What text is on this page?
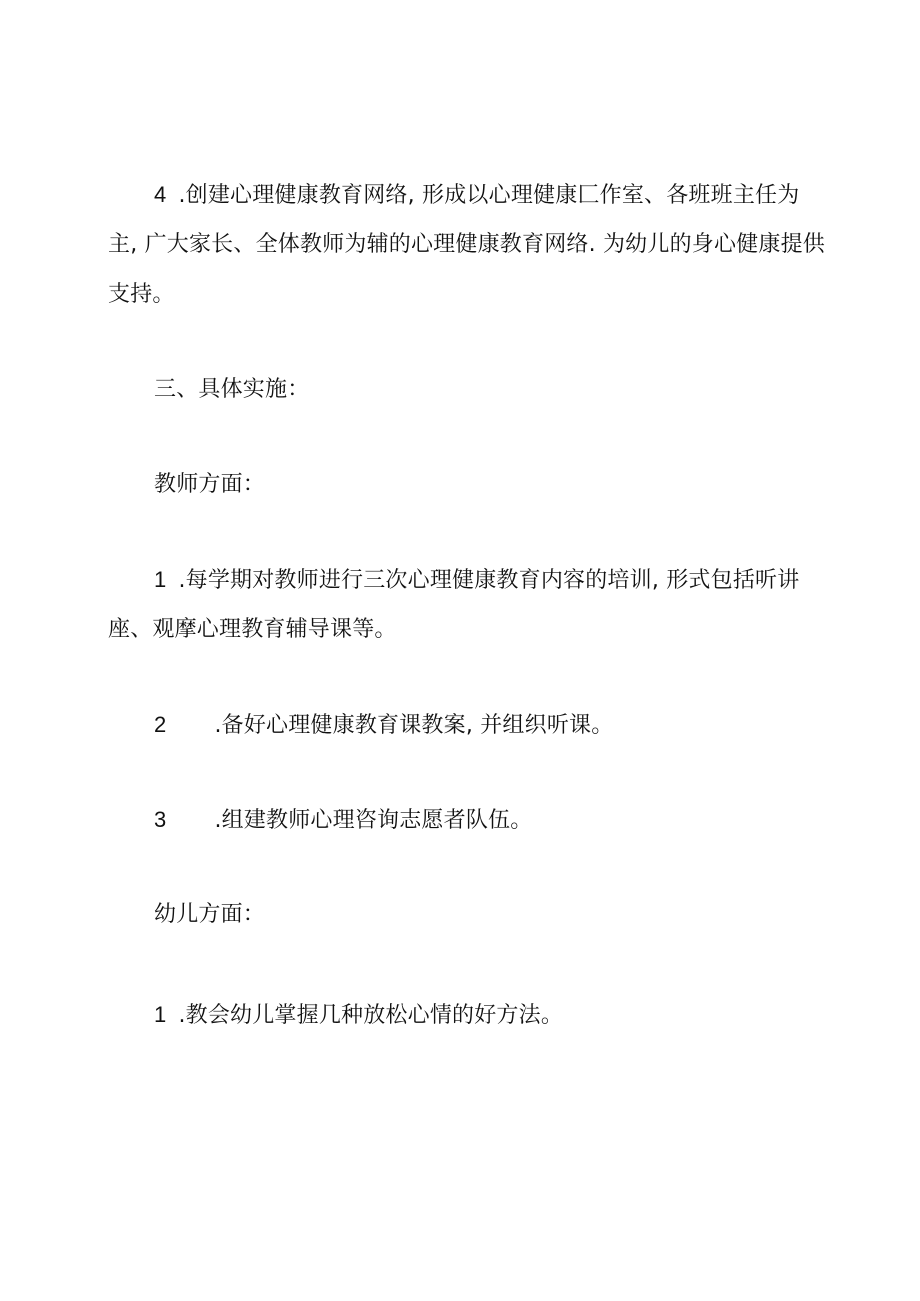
4 .创建心理健康教育网络, 形成以心理健康匚作室、各班班主任为
主, 广大家长、全体教师为辅的心理健康教育网络. 为幼儿的身心健康提供
支持。
三、具体实施：
教师方面：
1 .每学期对教师进行三次心理健康教育内容的培训, 形式包括听讲
座、观摩心理教育辅导课等。
2 .备好心理健康教育课教案, 并组织听课。
3 .组建教师心理咨询志愿者队伍。
幼儿方面：
1 .教会幼儿掌握几种放松心情的好方法。
